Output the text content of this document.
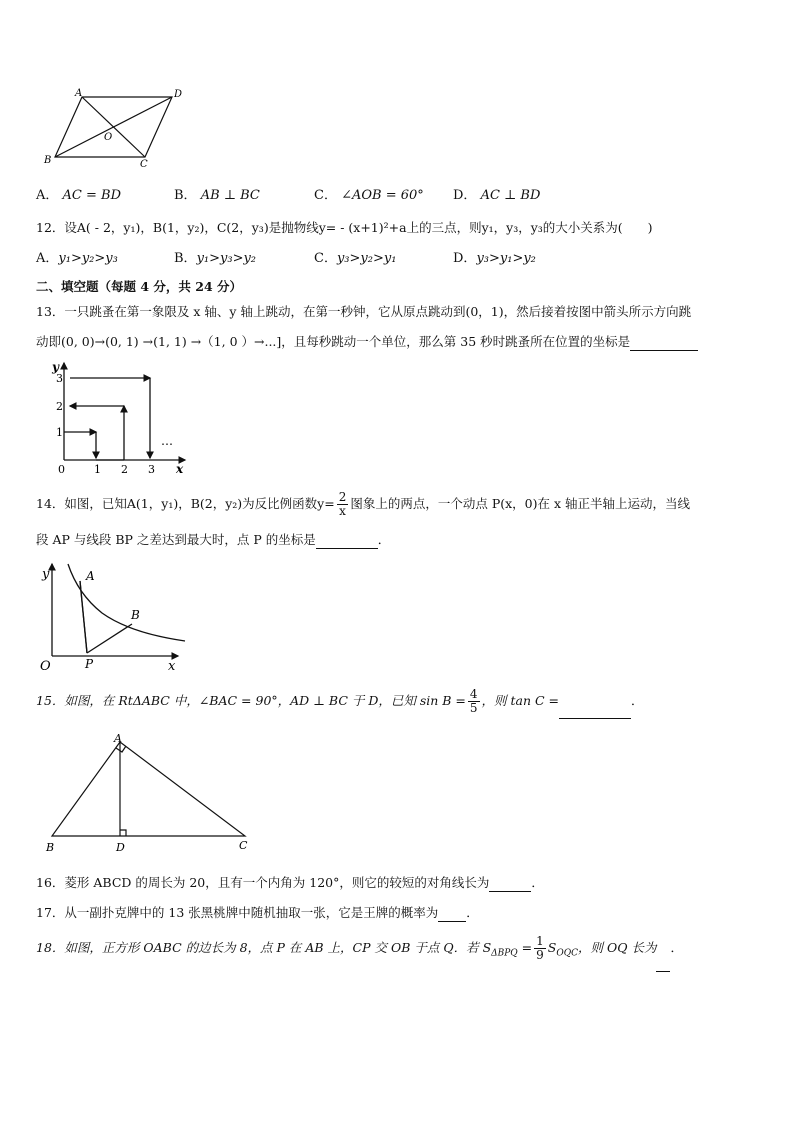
A	D
O
B	C
A． AC = BD	B． AB ⊥ BC	C． ∠AOB = 60° D． AC ⊥ BD
12．设A( - 2，y₁)，B(1，y₂)，C(2，y₃)是抛物线y= - (x+1)²+a上的三点，则y₁，y₃，y₃的大小关系为(　　)
A．y₁>y₂>y₃	B．y₁>y₃>y₂	C．y₃>y₂>y₁	D．y₃>y₁>y₂
二、填空题（每题 4 分，共 24 分）
13．一只跳蚤在第一象限及 x 轴、y 轴上跳动，在第一秒钟，它从原点跳动到(0，1)，然后接着按图中箭头所示方向跳
动即(0, 0)→(0, 1) →(1, 1) →（1, 0 ）→...]，且每秒跳动一个单位，那么第 35 秒时跳蚤所在位置的坐标是
y
x
0	1 2 3
1
2
3
…
14．如图，已知A(1，y₁)，B(2，y₂)为反比例函数$y= \frac{2}{x}$ 图象上的两点，一个动点 P(x，0)在 x 轴正半轴上运动，当线
段 AP 与线段 BP 之差达到最大时，点 P 的坐标是	．
y
x
O
A
B
P
15．如图，在 RtΔABC 中，∠BAC = 90°，AD ⊥ BC 于 D，已知 $\sin B = \frac{4}{5}$ ，则 tan C =	．
A
B	D	C
16．菱形 ABCD 的周长为 20，且有一个内角为 120°，则它的较短的对角线长为	．
17．从一副扑克牌中的 13 张黑桃牌中随机抽取一张，它是王牌的概率为 ．
18．如图，正方形 OABC 的边长为 8，点 P 在 AB 上，CP 交 OB 于点 Q．若 $S_{\Delta BPQ} = \frac{1}{9} S_{OQC}$，则 OQ 长为 ．
